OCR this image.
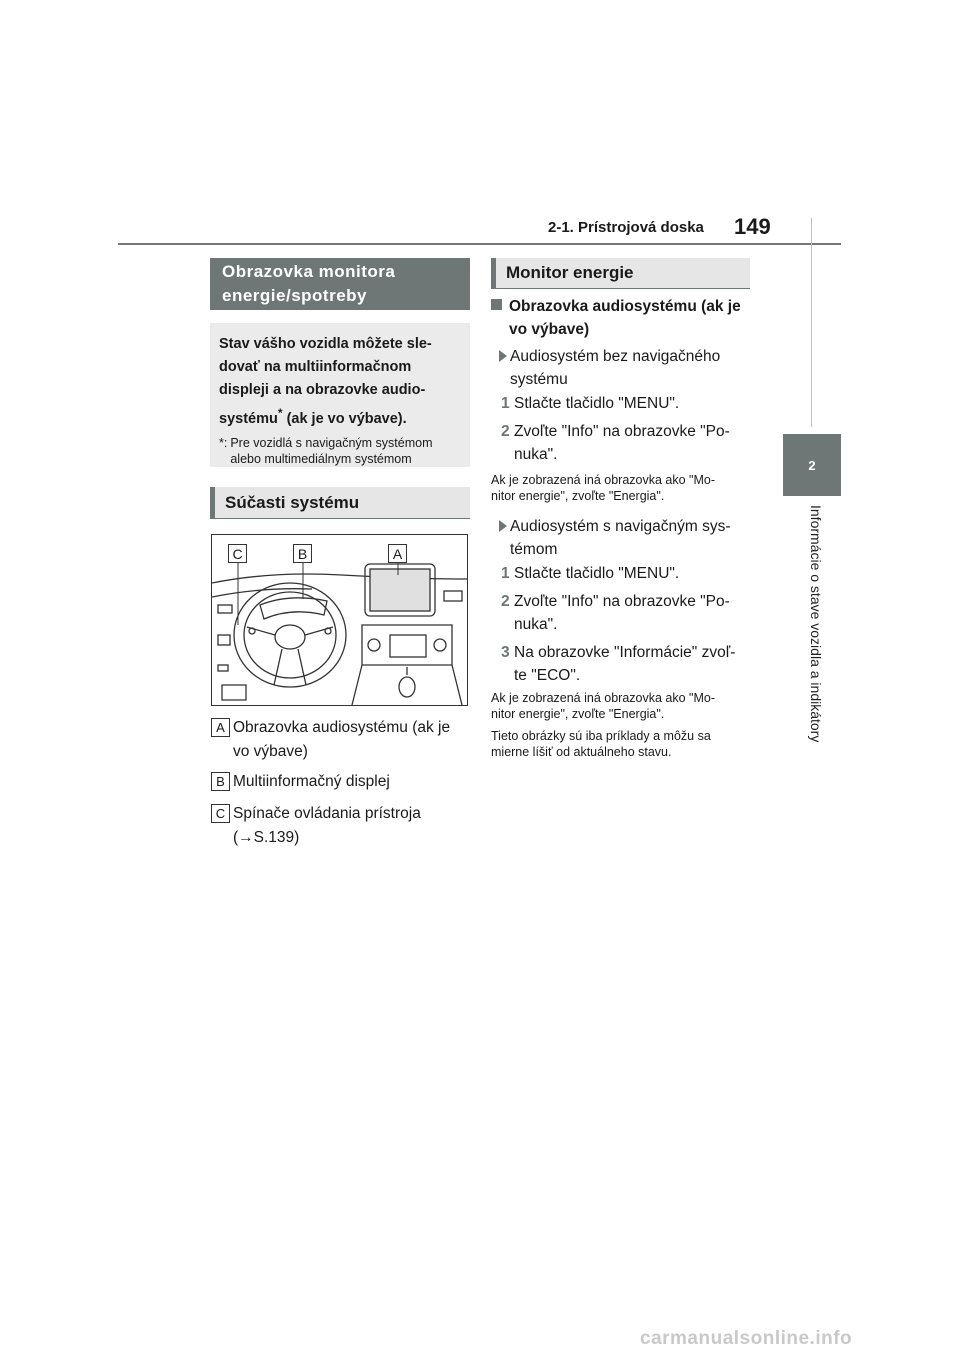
2-1. Prístrojová doska 149
2
Informácie o stave vozidla a indikátory
Obrazovka monitora
energie/spotreby

Stav vášho vozidla môžete sle-
dovať na multiinformačnom
displeji a na obrazovke audio-
systému* (ak je vo výbave).

*: Pre vozidlá s navigačným systémom
alebo multimediálnym systémom
Súčasti systému
C	B	A
A Obrazovka audiosystému (ak je
vo výbave)
B Multiinformačný displej
C Spínače ovládania prístroja
(→S.139)
Monitor energie
Obrazovka audiosystému (ak je
vo výbave)
Audiosystém bez navigačného
systému
1 Stlačte tlačidlo "MENU".
2 Zvoľte "Info" na obrazovke "Po-
nuka".
Ak je zobrazená iná obrazovka ako "Mo-
nitor energie", zvoľte "Energia".
Audiosystém s navigačným sys-
témom
1 Stlačte tlačidlo "MENU".
2 Zvoľte "Info" na obrazovke "Po-
nuka".
3 Na obrazovke "Informácie" zvoľ-
te "ECO".
Ak je zobrazená iná obrazovka ako "Mo-
nitor energie", zvoľte "Energia".
Tieto obrázky sú iba príklady a môžu sa
mierne líšiť od aktuálneho stavu.
carmanualsonline.info
